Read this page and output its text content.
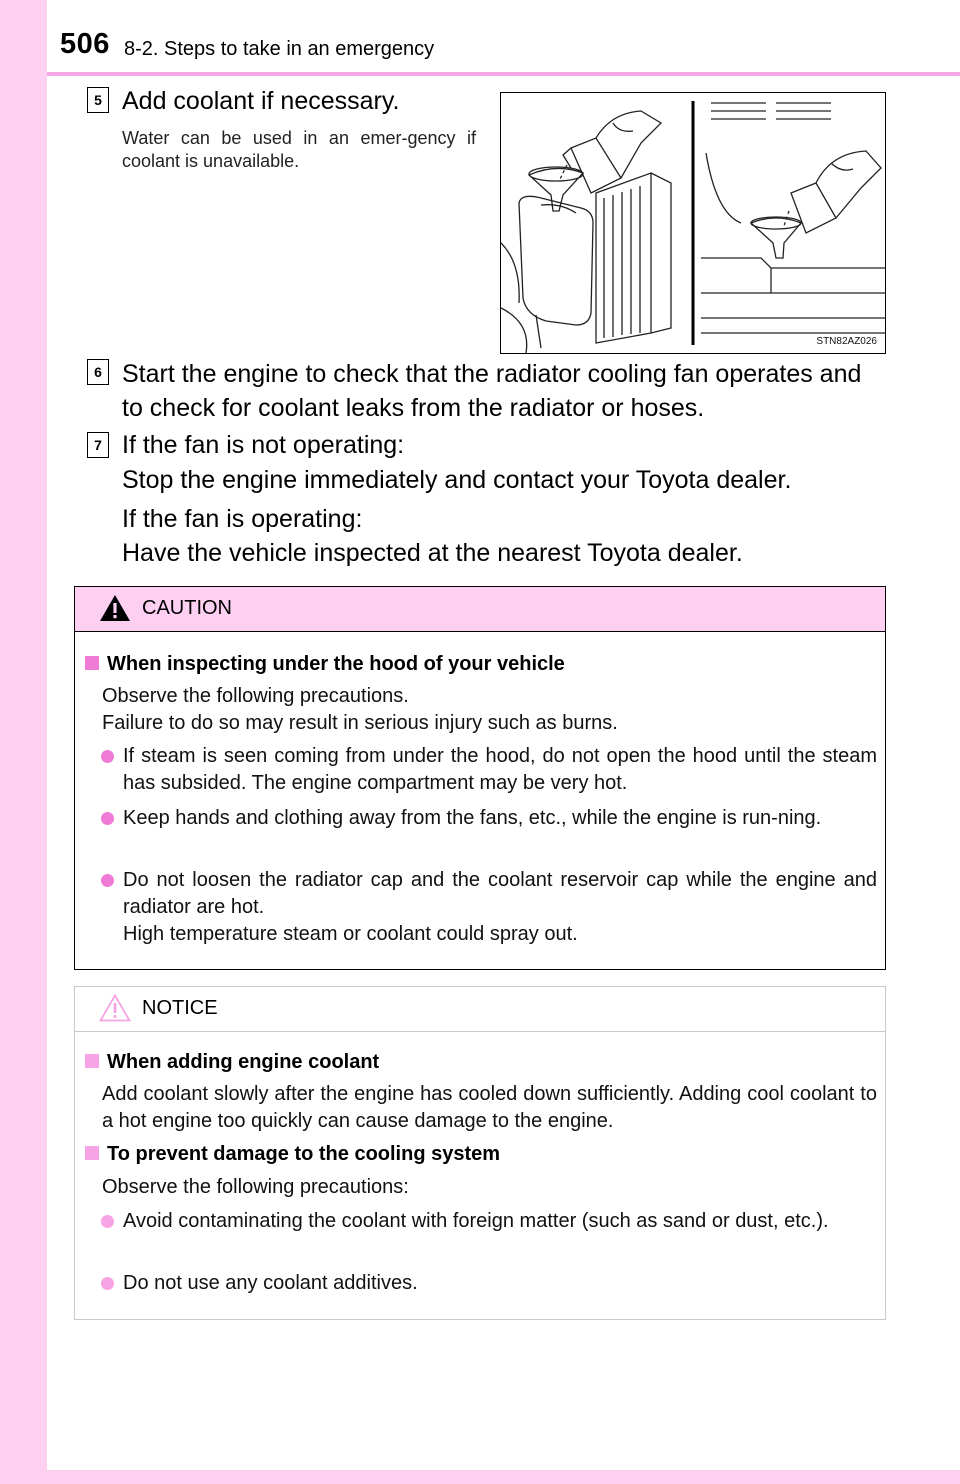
506 8-2. Steps to take in an emergency
5 Add coolant if necessary.
Water can be used in an emer-gency if coolant is unavailable.
STN82AZ026
6 Start the engine to check that the radiator cooling fan operates and to check for coolant leaks from the radiator or hoses.
7 If the fan is not operating:
Stop the engine immediately and contact your Toyota dealer.
If the fan is operating:
Have the vehicle inspected at the nearest Toyota dealer.
CAUTION
When inspecting under the hood of your vehicle
Observe the following precautions.
Failure to do so may result in serious injury such as burns.
If steam is seen coming from under the hood, do not open the hood until the steam has subsided. The engine compartment may be very hot.
Keep hands and clothing away from the fans, etc., while the engine is run-ning.
Do not loosen the radiator cap and the coolant reservoir cap while the engine and radiator are hot.
High temperature steam or coolant could spray out.
NOTICE
When adding engine coolant
Add coolant slowly after the engine has cooled down sufficiently. Adding cool coolant to a hot engine too quickly can cause damage to the engine.
To prevent damage to the cooling system
Observe the following precautions:
Avoid contaminating the coolant with foreign matter (such as sand or dust, etc.).
Do not use any coolant additives.
